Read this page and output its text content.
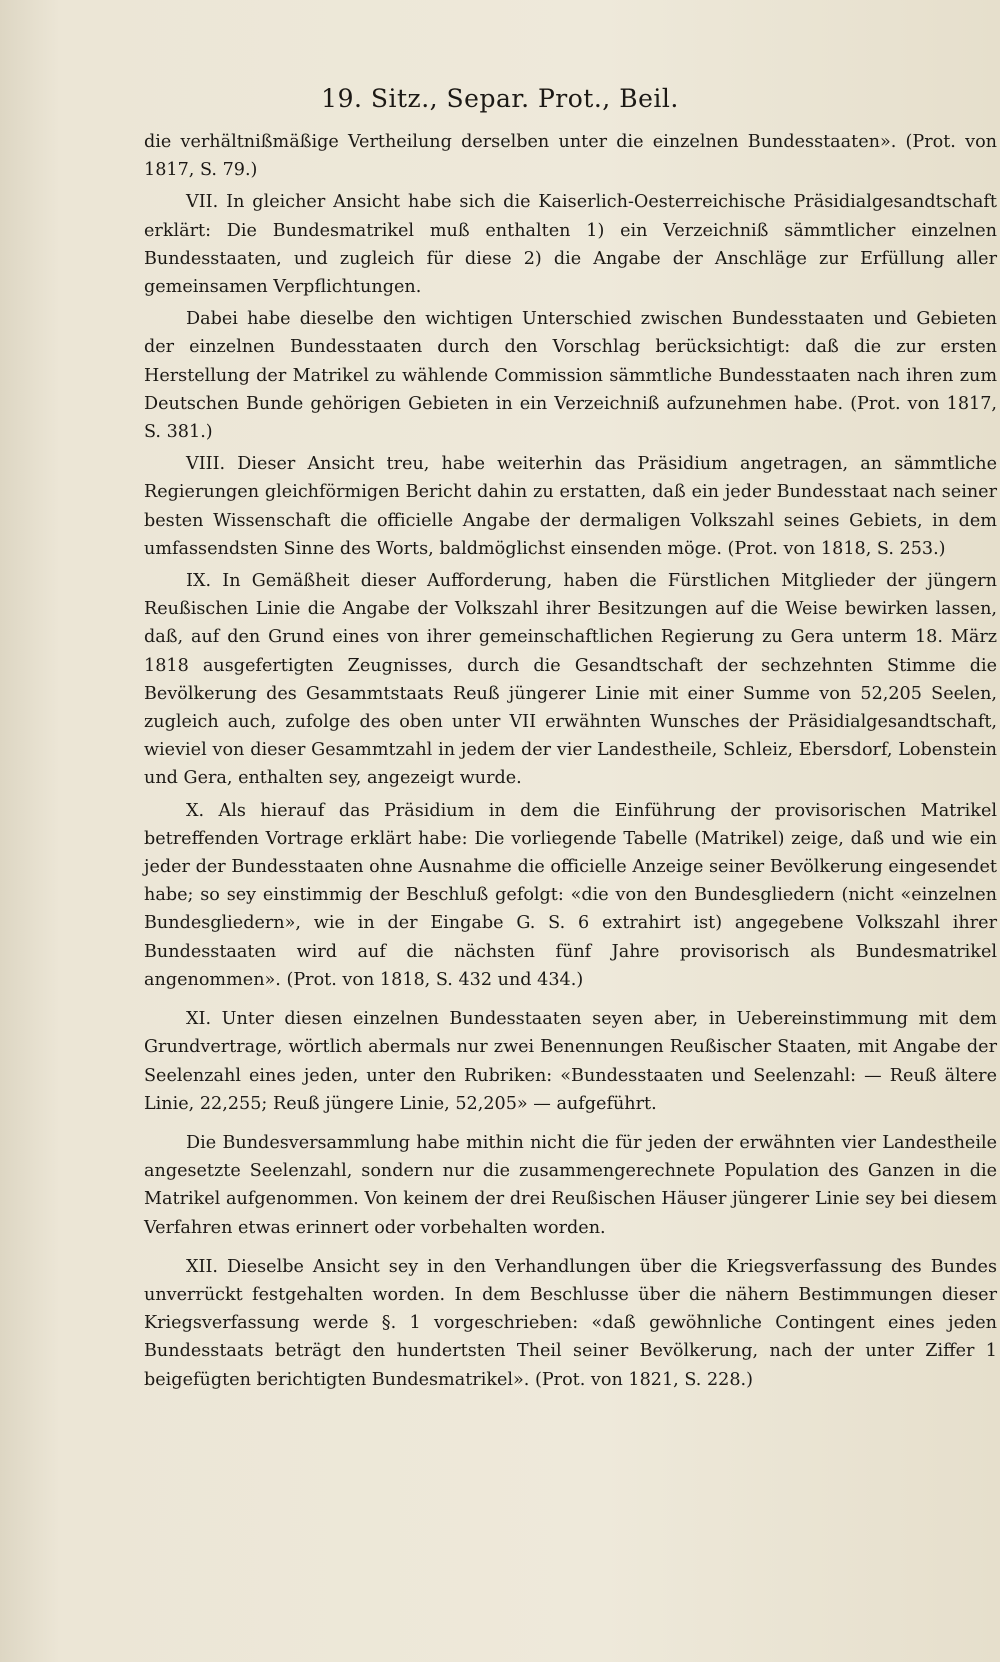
19. Sitz., Separ. Prot., Beil.

die verhältnißmäßige Vertheilung derselben unter die einzelnen Bundesstaaten». (Prot. von 1817, S. 79.)

VII. In gleicher Ansicht habe sich die Kaiserlich-Oesterreichische Präsidialgesandtschaft erklärt: Die Bundesmatrikel muß enthalten 1) ein Verzeichniß sämmtlicher einzelnen Bundesstaaten, und zugleich für diese 2) die Angabe der Anschläge zur Erfüllung aller gemeinsamen Verpflichtungen.

Dabei habe dieselbe den wichtigen Unterschied zwischen Bundesstaaten und Gebieten der einzelnen Bundesstaaten durch den Vorschlag berücksichtigt: daß die zur ersten Herstellung der Matrikel zu wählende Commission sämmtliche Bundesstaaten nach ihren zum Deutschen Bunde gehörigen Gebieten in ein Verzeichniß aufzunehmen habe. (Prot. von 1817, S. 381.)

VIII. Dieser Ansicht treu, habe weiterhin das Präsidium angetragen, an sämmtliche Regierungen gleichförmigen Bericht dahin zu erstatten, daß ein jeder Bundesstaat nach seiner besten Wissenschaft die officielle Angabe der dermaligen Volkszahl seines Gebiets, in dem umfassendsten Sinne des Worts, baldmöglichst einsenden möge. (Prot. von 1818, S. 253.)

IX. In Gemäßheit dieser Aufforderung, haben die Fürstlichen Mitglieder der jüngern Reußischen Linie die Angabe der Volkszahl ihrer Besitzungen auf die Weise bewirken lassen, daß, auf den Grund eines von ihrer gemeinschaftlichen Regierung zu Gera unterm 18. März 1818 ausgefertigten Zeugnisses, durch die Gesandtschaft der sechzehnten Stimme die Bevölkerung des Gesammtstaats Reuß jüngerer Linie mit einer Summe von 52,205 Seelen, zugleich auch, zufolge des oben unter VII erwähnten Wunsches der Präsidialgesandtschaft, wieviel von dieser Gesammtzahl in jedem der vier Landestheile, Schleiz, Ebersdorf, Lobenstein und Gera, enthalten sey, angezeigt wurde.

X. Als hierauf das Präsidium in dem die Einführung der provisorischen Matrikel betreffenden Vortrage erklärt habe: Die vorliegende Tabelle (Matrikel) zeige, daß und wie ein jeder der Bundesstaaten ohne Ausnahme die officielle Anzeige seiner Bevölkerung eingesendet habe; so sey einstimmig der Beschluß gefolgt: «die von den Bundesgliedern (nicht «einzelnen Bundesgliedern», wie in der Eingabe G. S. 6 extrahirt ist) angegebene Volkszahl ihrer Bundesstaaten wird auf die nächsten fünf Jahre provisorisch als Bundesmatrikel angenommen». (Prot. von 1818, S. 432 und 434.)

XI. Unter diesen einzelnen Bundesstaaten seyen aber, in Uebereinstimmung mit dem Grundvertrage, wörtlich abermals nur zwei Benennungen Reußischer Staaten, mit Angabe der Seelenzahl eines jeden, unter den Rubriken: «Bundesstaaten und Seelenzahl: — Reuß ältere Linie, 22,255; Reuß jüngere Linie, 52,205» — aufgeführt.

Die Bundesversammlung habe mithin nicht die für jeden der erwähnten vier Landestheile angesetzte Seelenzahl, sondern nur die zusammengerechnete Population des Ganzen in die Matrikel aufgenommen. Von keinem der drei Reußischen Häuser jüngerer Linie sey bei diesem Verfahren etwas erinnert oder vorbehalten worden.

XII. Dieselbe Ansicht sey in den Verhandlungen über die Kriegsverfassung des Bundes unverrückt festgehalten worden. In dem Beschlusse über die nähern Bestimmungen dieser Kriegsverfassung werde §. 1 vorgeschrieben: «daß gewöhnliche Contingent eines jeden Bundesstaats beträgt den hundertsten Theil seiner Bevölkerung, nach der unter Ziffer 1 beigefügten berichtigten Bundesmatrikel». (Prot. von 1821, S. 228.)
